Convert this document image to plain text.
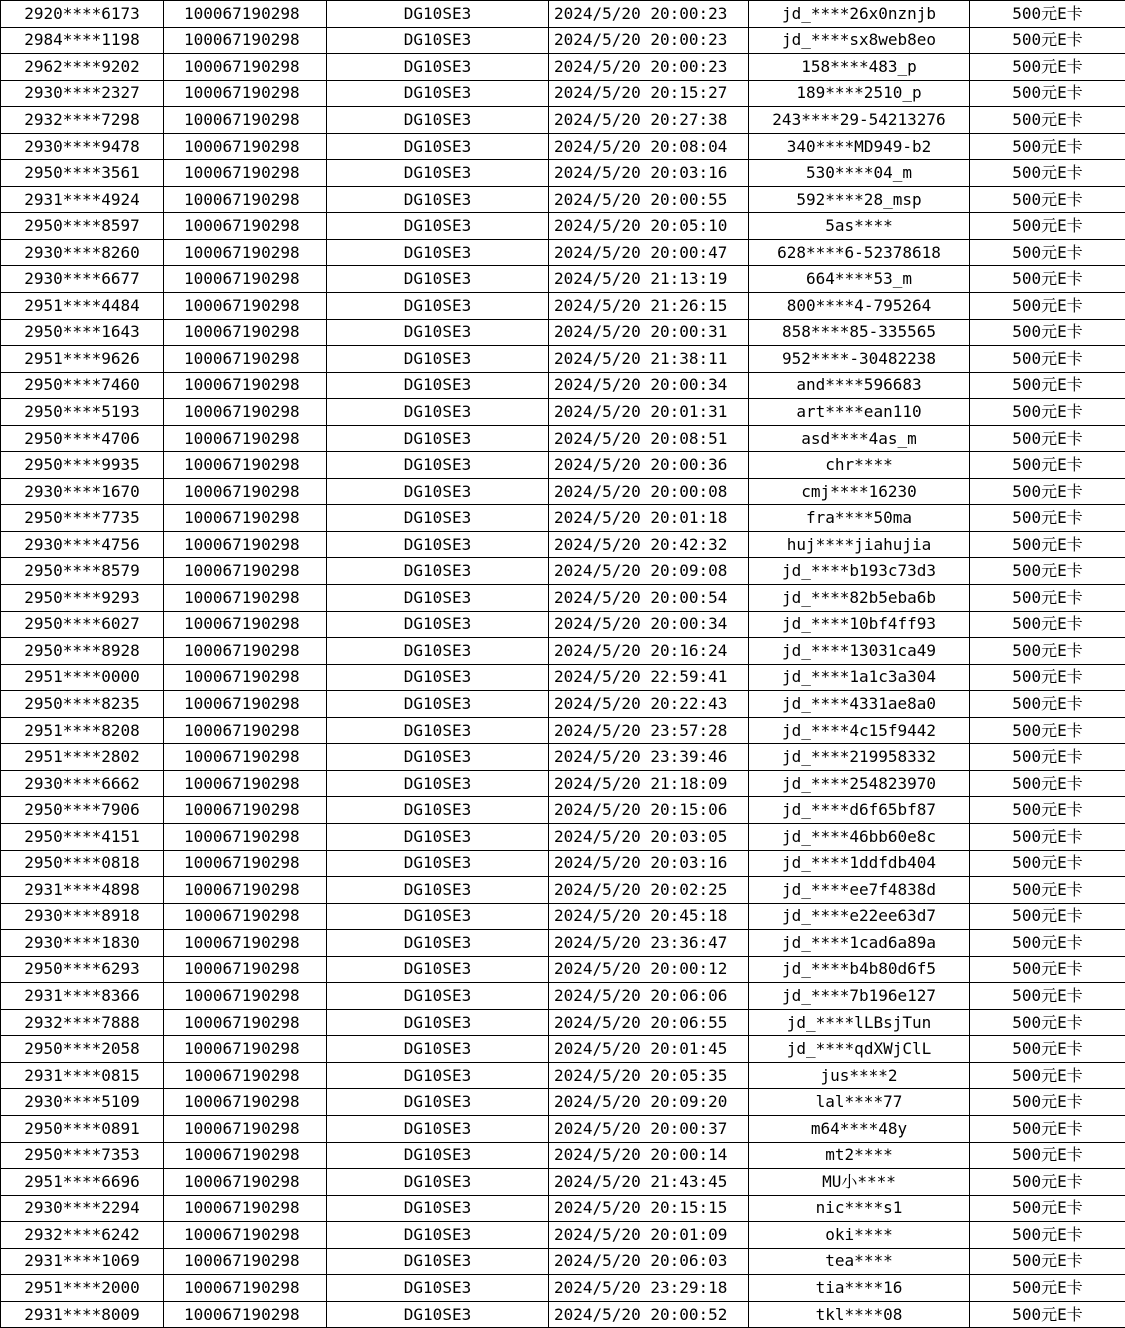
2920****6173	100067190298	DG10SE3	2024/5/20 20:00:23	jd_****26x0nznjb	500元E卡
2984****1198	100067190298	DG10SE3	2024/5/20 20:00:23	jd_****sx8web8eo	500元E卡
2962****9202	100067190298	DG10SE3	2024/5/20 20:00:23	158****483_p	500元E卡
2930****2327	100067190298	DG10SE3	2024/5/20 20:15:27	189****2510_p	500元E卡
2932****7298	100067190298	DG10SE3	2024/5/20 20:27:38	243****29-54213276	500元E卡
2930****9478	100067190298	DG10SE3	2024/5/20 20:08:04	340****MD949-b2	500元E卡
2950****3561	100067190298	DG10SE3	2024/5/20 20:03:16	530****04_m	500元E卡
2931****4924	100067190298	DG10SE3	2024/5/20 20:00:55	592****28_msp	500元E卡
2950****8597	100067190298	DG10SE3	2024/5/20 20:05:10	5as****	500元E卡
2930****8260	100067190298	DG10SE3	2024/5/20 20:00:47	628****6-52378618	500元E卡
2930****6677	100067190298	DG10SE3	2024/5/20 21:13:19	664****53_m	500元E卡
2951****4484	100067190298	DG10SE3	2024/5/20 21:26:15	800****4-795264	500元E卡
2950****1643	100067190298	DG10SE3	2024/5/20 20:00:31	858****85-335565	500元E卡
2951****9626	100067190298	DG10SE3	2024/5/20 21:38:11	952****-30482238	500元E卡
2950****7460	100067190298	DG10SE3	2024/5/20 20:00:34	and****596683	500元E卡
2950****5193	100067190298	DG10SE3	2024/5/20 20:01:31	art****ean110	500元E卡
2950****4706	100067190298	DG10SE3	2024/5/20 20:08:51	asd****4as_m	500元E卡
2950****9935	100067190298	DG10SE3	2024/5/20 20:00:36	chr****	500元E卡
2930****1670	100067190298	DG10SE3	2024/5/20 20:00:08	cmj****16230	500元E卡
2950****7735	100067190298	DG10SE3	2024/5/20 20:01:18	fra****50ma	500元E卡
2930****4756	100067190298	DG10SE3	2024/5/20 20:42:32	huj****jiahujia	500元E卡
2950****8579	100067190298	DG10SE3	2024/5/20 20:09:08	jd_****b193c73d3	500元E卡
2950****9293	100067190298	DG10SE3	2024/5/20 20:00:54	jd_****82b5eba6b	500元E卡
2950****6027	100067190298	DG10SE3	2024/5/20 20:00:34	jd_****10bf4ff93	500元E卡
2950****8928	100067190298	DG10SE3	2024/5/20 20:16:24	jd_****13031ca49	500元E卡
2951****0000	100067190298	DG10SE3	2024/5/20 22:59:41	jd_****1a1c3a304	500元E卡
2950****8235	100067190298	DG10SE3	2024/5/20 20:22:43	jd_****4331ae8a0	500元E卡
2951****8208	100067190298	DG10SE3	2024/5/20 23:57:28	jd_****4c15f9442	500元E卡
2951****2802	100067190298	DG10SE3	2024/5/20 23:39:46	jd_****219958332	500元E卡
2930****6662	100067190298	DG10SE3	2024/5/20 21:18:09	jd_****254823970	500元E卡
2950****7906	100067190298	DG10SE3	2024/5/20 20:15:06	jd_****d6f65bf87	500元E卡
2950****4151	100067190298	DG10SE3	2024/5/20 20:03:05	jd_****46bb60e8c	500元E卡
2950****0818	100067190298	DG10SE3	2024/5/20 20:03:16	jd_****1ddfdb404	500元E卡
2931****4898	100067190298	DG10SE3	2024/5/20 20:02:25	jd_****ee7f4838d	500元E卡
2930****8918	100067190298	DG10SE3	2024/5/20 20:45:18	jd_****e22ee63d7	500元E卡
2930****1830	100067190298	DG10SE3	2024/5/20 23:36:47	jd_****1cad6a89a	500元E卡
2950****6293	100067190298	DG10SE3	2024/5/20 20:00:12	jd_****b4b80d6f5	500元E卡
2931****8366	100067190298	DG10SE3	2024/5/20 20:06:06	jd_****7b196e127	500元E卡
2932****7888	100067190298	DG10SE3	2024/5/20 20:06:55	jd_****lLBsjTun	500元E卡
2950****2058	100067190298	DG10SE3	2024/5/20 20:01:45	jd_****qdXWjClL	500元E卡
2931****0815	100067190298	DG10SE3	2024/5/20 20:05:35	jus****2	500元E卡
2930****5109	100067190298	DG10SE3	2024/5/20 20:09:20	lal****77	500元E卡
2950****0891	100067190298	DG10SE3	2024/5/20 20:00:37	m64****48y	500元E卡
2950****7353	100067190298	DG10SE3	2024/5/20 20:00:14	mt2****	500元E卡
2951****6696	100067190298	DG10SE3	2024/5/20 21:43:45	MU小****	500元E卡
2930****2294	100067190298	DG10SE3	2024/5/20 20:15:15	nic****s1	500元E卡
2932****6242	100067190298	DG10SE3	2024/5/20 20:01:09	oki****	500元E卡
2931****1069	100067190298	DG10SE3	2024/5/20 20:06:03	tea****	500元E卡
2951****2000	100067190298	DG10SE3	2024/5/20 23:29:18	tia****16	500元E卡
2931****8009	100067190298	DG10SE3	2024/5/20 20:00:52	tkl****08	500元E卡
